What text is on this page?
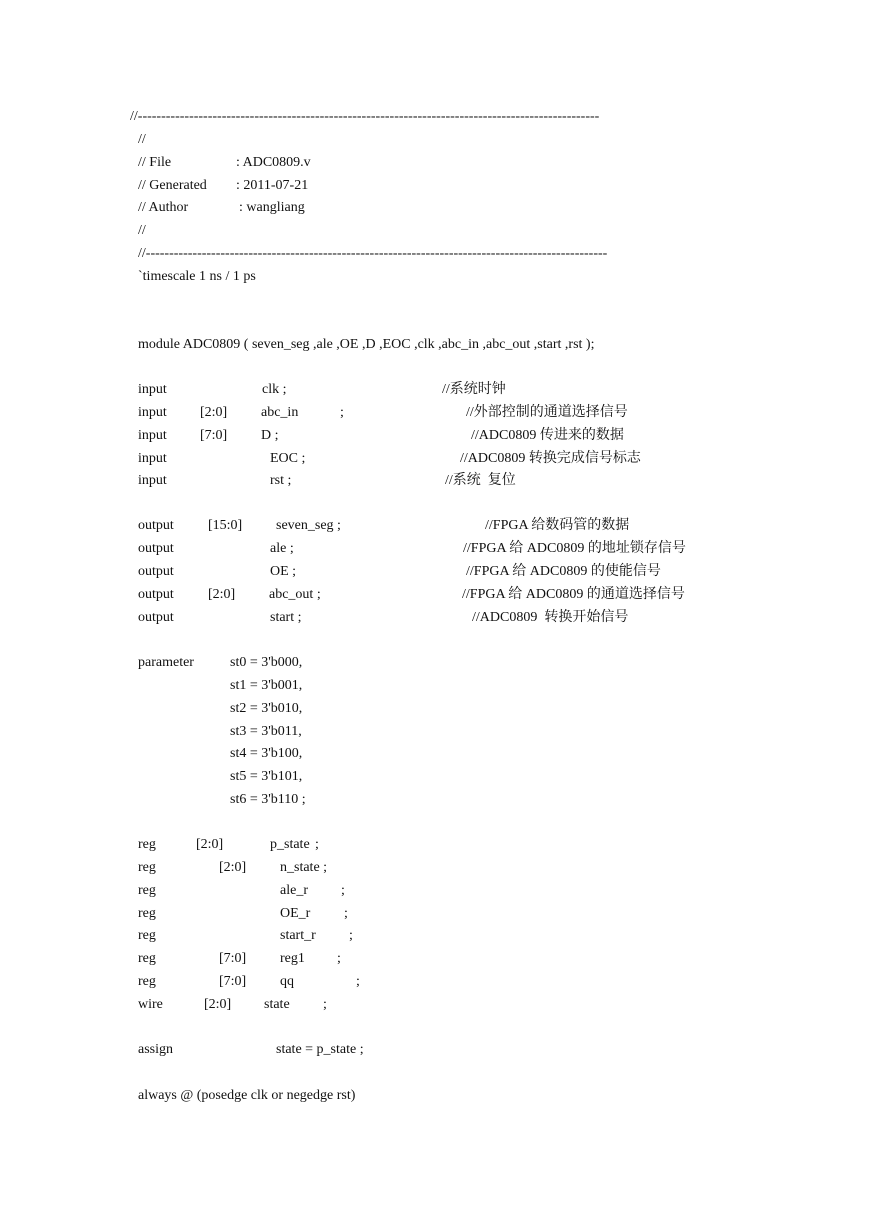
//---------------------------------------------------------------------------------------------------
//
// File	: ADC0809.v
// Generated : 2011-07-21
// Author	: wangliang
//
//---------------------------------------------------------------------------------------------------
`timescale 1 ns / 1 ps
module ADC0809 ( seven_seg ,ale ,OE ,D ,EOC ,clk ,abc_in ,abc_out ,start ,rst );
input	clk ;	//系统时钟
input [2:0] abc_in	;	//外部控制的通道选择信号
input [7:0] D ;	//ADC0809 传进来的数据
input	EOC ;	//ADC0809 转换完成信号标志
input	rst ;	//系统  复位
output [15:0] seven_seg ;	//FPGA 给数码管的数据
output	ale ;	//FPGA 给 ADC0809 的地址锁存信号
output	OE ;	//FPGA 给 ADC0809 的使能信号
output [2:0] abc_out ;	//FPGA 给 ADC0809 的通道选择信号
output	start ;	//ADC0809  转换开始信号
parameter	st0 = 3'b000,
st1 = 3'b001,
st2 = 3'b010,
st3 = 3'b011,
st4 = 3'b100,
st5 = 3'b101,
st6 = 3'b110 ;
reg	[2:0]	p_state ;
reg	[2:0] n_state ;
reg	ale_r ;
reg	OE_r ;
reg	start_r ;
reg	[7:0] reg1 ;
reg	[7:0] qq	;
wire	[2:0] state ;
assign	state = p_state ;
always @ (posedge clk or negedge rst)
